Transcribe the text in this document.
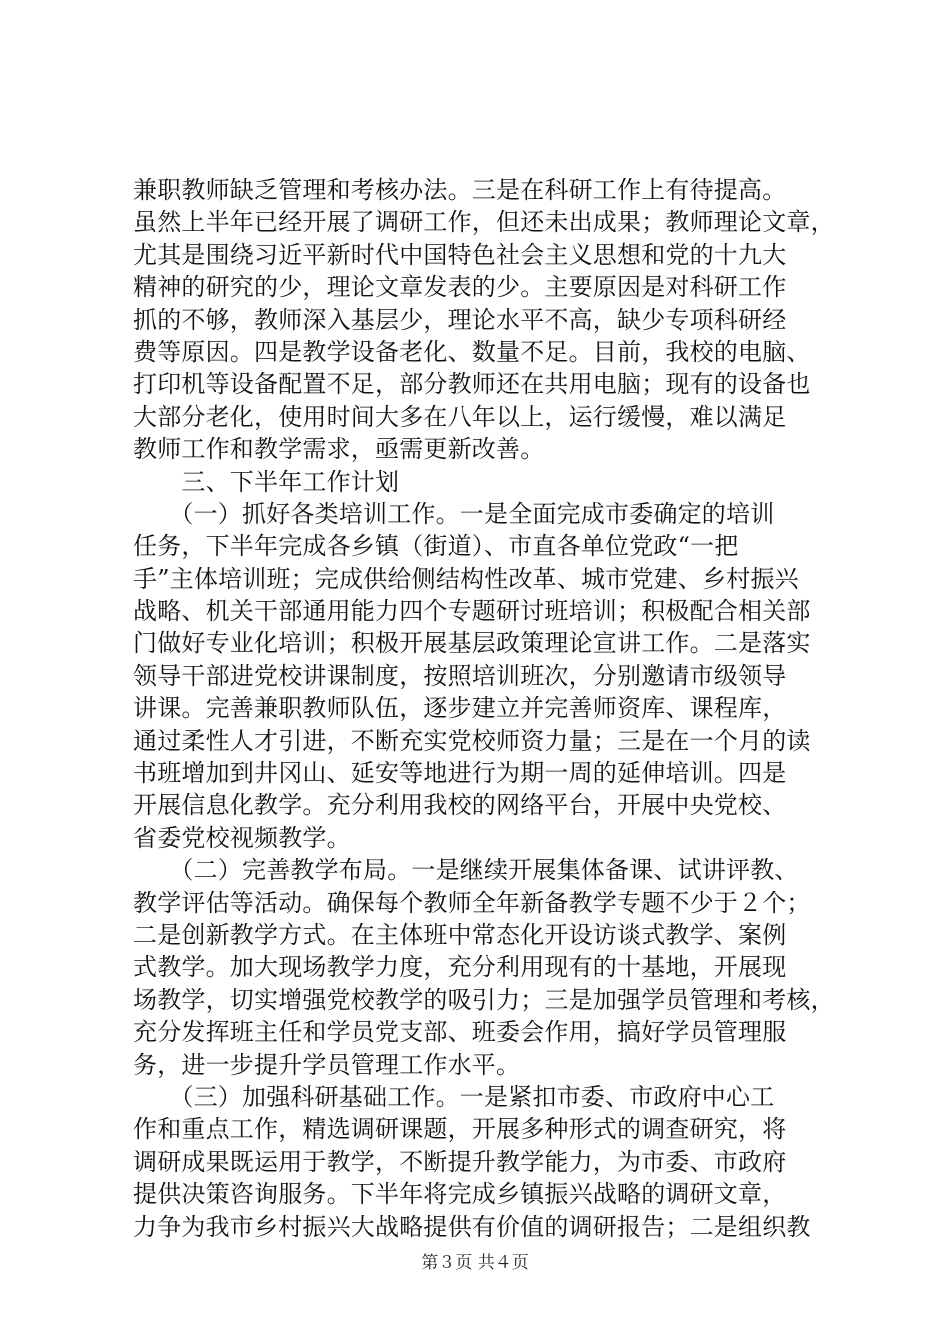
兼职教师缺乏管理和考核办法。三是在科研工作上有待提高。
虽然上半年已经开展了调研工作，但还未出成果；教师理论文章，
尤其是围绕习近平新时代中国特色社会主义思想和党的十九大
精神的研究的少，理论文章发表的少。主要原因是对科研工作
抓的不够，教师深入基层少，理论水平不高，缺少专项科研经
费等原因。四是教学设备老化、数量不足。目前，我校的电脑、
打印机等设备配置不足，部分教师还在共用电脑；现有的设备也
大部分老化，使用时间大多在八年以上，运行缓慢，难以满足
教师工作和教学需求，亟需更新改善。
　　三、下半年工作计划
　　（一）抓好各类培训工作。一是全面完成市委确定的培训
任务，下半年完成各乡镇（街道）、市直各单位党政“一把
手”主体培训班；完成供给侧结构性改革、城市党建、乡村振兴
战略、机关干部通用能力四个专题研讨班培训；积极配合相关部
门做好专业化培训；积极开展基层政策理论宣讲工作。二是落实
领导干部进党校讲课制度，按照培训班次，分别邀请市级领导
讲课。完善兼职教师队伍，逐步建立并完善师资库、课程库，
通过柔性人才引进，不断充实党校师资力量；三是在一个月的读
书班增加到井冈山、延安等地进行为期一周的延伸培训。四是
开展信息化教学。充分利用我校的网络平台，开展中央党校、
省委党校视频教学。
　　（二）完善教学布局。一是继续开展集体备课、试讲评教、
教学评估等活动。确保每个教师全年新备教学专题不少于２个；
二是创新教学方式。在主体班中常态化开设访谈式教学、案例
式教学。加大现场教学力度，充分利用现有的十基地，开展现
场教学，切实增强党校教学的吸引力；三是加强学员管理和考核，
充分发挥班主任和学员党支部、班委会作用，搞好学员管理服
务，进一步提升学员管理工作水平。
　　（三）加强科研基础工作。一是紧扣市委、市政府中心工
作和重点工作，精选调研课题，开展多种形式的调查研究，将
调研成果既运用于教学，不断提升教学能力，为市委、市政府
提供决策咨询服务。下半年将完成乡镇振兴战略的调研文章，
力争为我市乡村振兴大战略提供有价值的调研报告；二是组织教
第３页 共４页
